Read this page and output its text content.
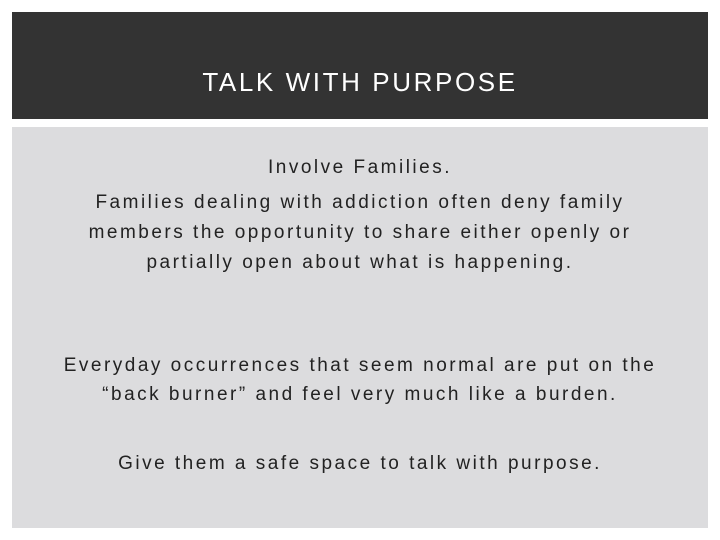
TALK WITH PURPOSE
Involve Families.
Families dealing with addiction often deny family
members the opportunity to share either openly or
partially open about what is happening.
Everyday occurrences that seem normal are put on the
“back burner” and feel very much like a burden.
Give them a safe space to talk with purpose.
